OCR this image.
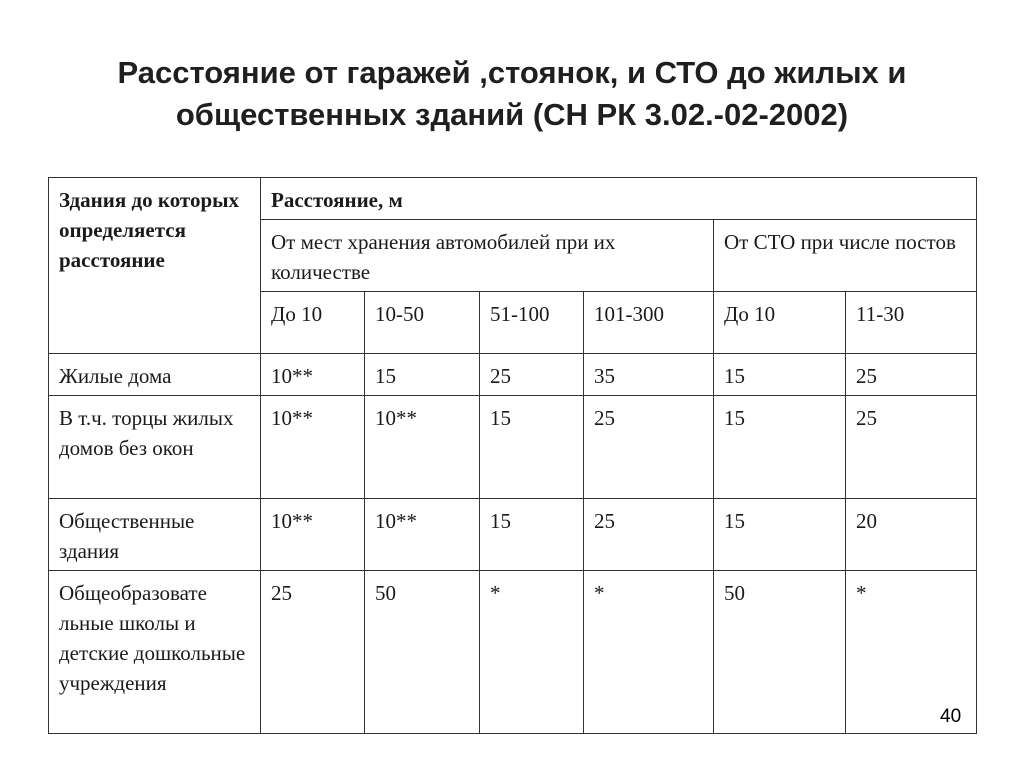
Расстояние от гаражей ,стоянок, и СТО до жилых и
общественных зданий (СН РК 3.02.-02-2002)
Здания до которых определяется расстояние	Расстояние, м					
	От мест хранения автомобилей при их количестве				От СТО при числе постов	
	До 10	10-50	51-100	101-300	До 10	11-30
Жилые дома	10**	15	25	35	15	25
В т.ч. торцы жилых домов без окон	10**	10**	15	25	15	25
Общественные здания	10**	10**	15	25	15	20
Общеобразовате льные школы и детские дошкольные учреждения	25	50	*	*	50	*
40
